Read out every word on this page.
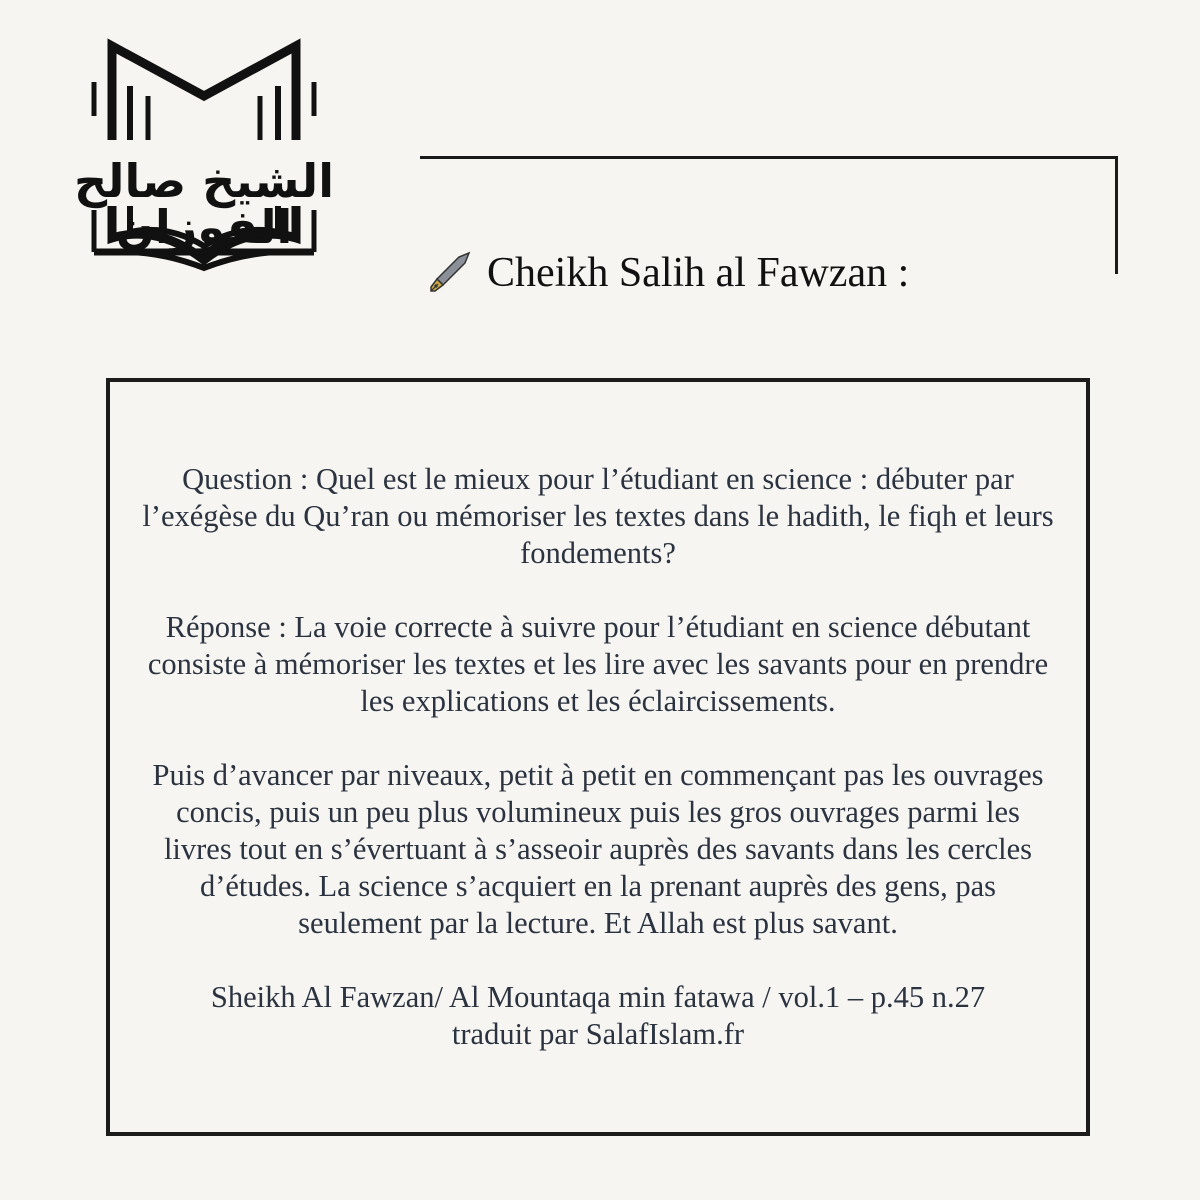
الشيخ صالح الفوزان
Cheikh Salih al Fawzan :

Question : Quel est le mieux pour l’étudiant en science : débuter par l’exégèse du Qu’ran ou mémoriser les textes dans le hadith, le fiqh et leurs fondements?

Réponse : La voie correcte à suivre pour l’étudiant en science débutant consiste à mémoriser les textes et les lire avec les savants pour en prendre les explications et les éclaircissements.

Puis d’avancer par niveaux, petit à petit en commençant pas les ouvrages concis, puis un peu plus volumineux puis les gros ouvrages parmi les livres tout en s’évertuant à s’asseoir auprès des savants dans les cercles d’études. La science s’acquiert en la prenant auprès des gens, pas seulement par la lecture. Et Allah est plus savant.

Sheikh Al Fawzan/ Al Mountaqa min fatawa / vol.1 – p.45 n.27

traduit par SalafIslam.fr
